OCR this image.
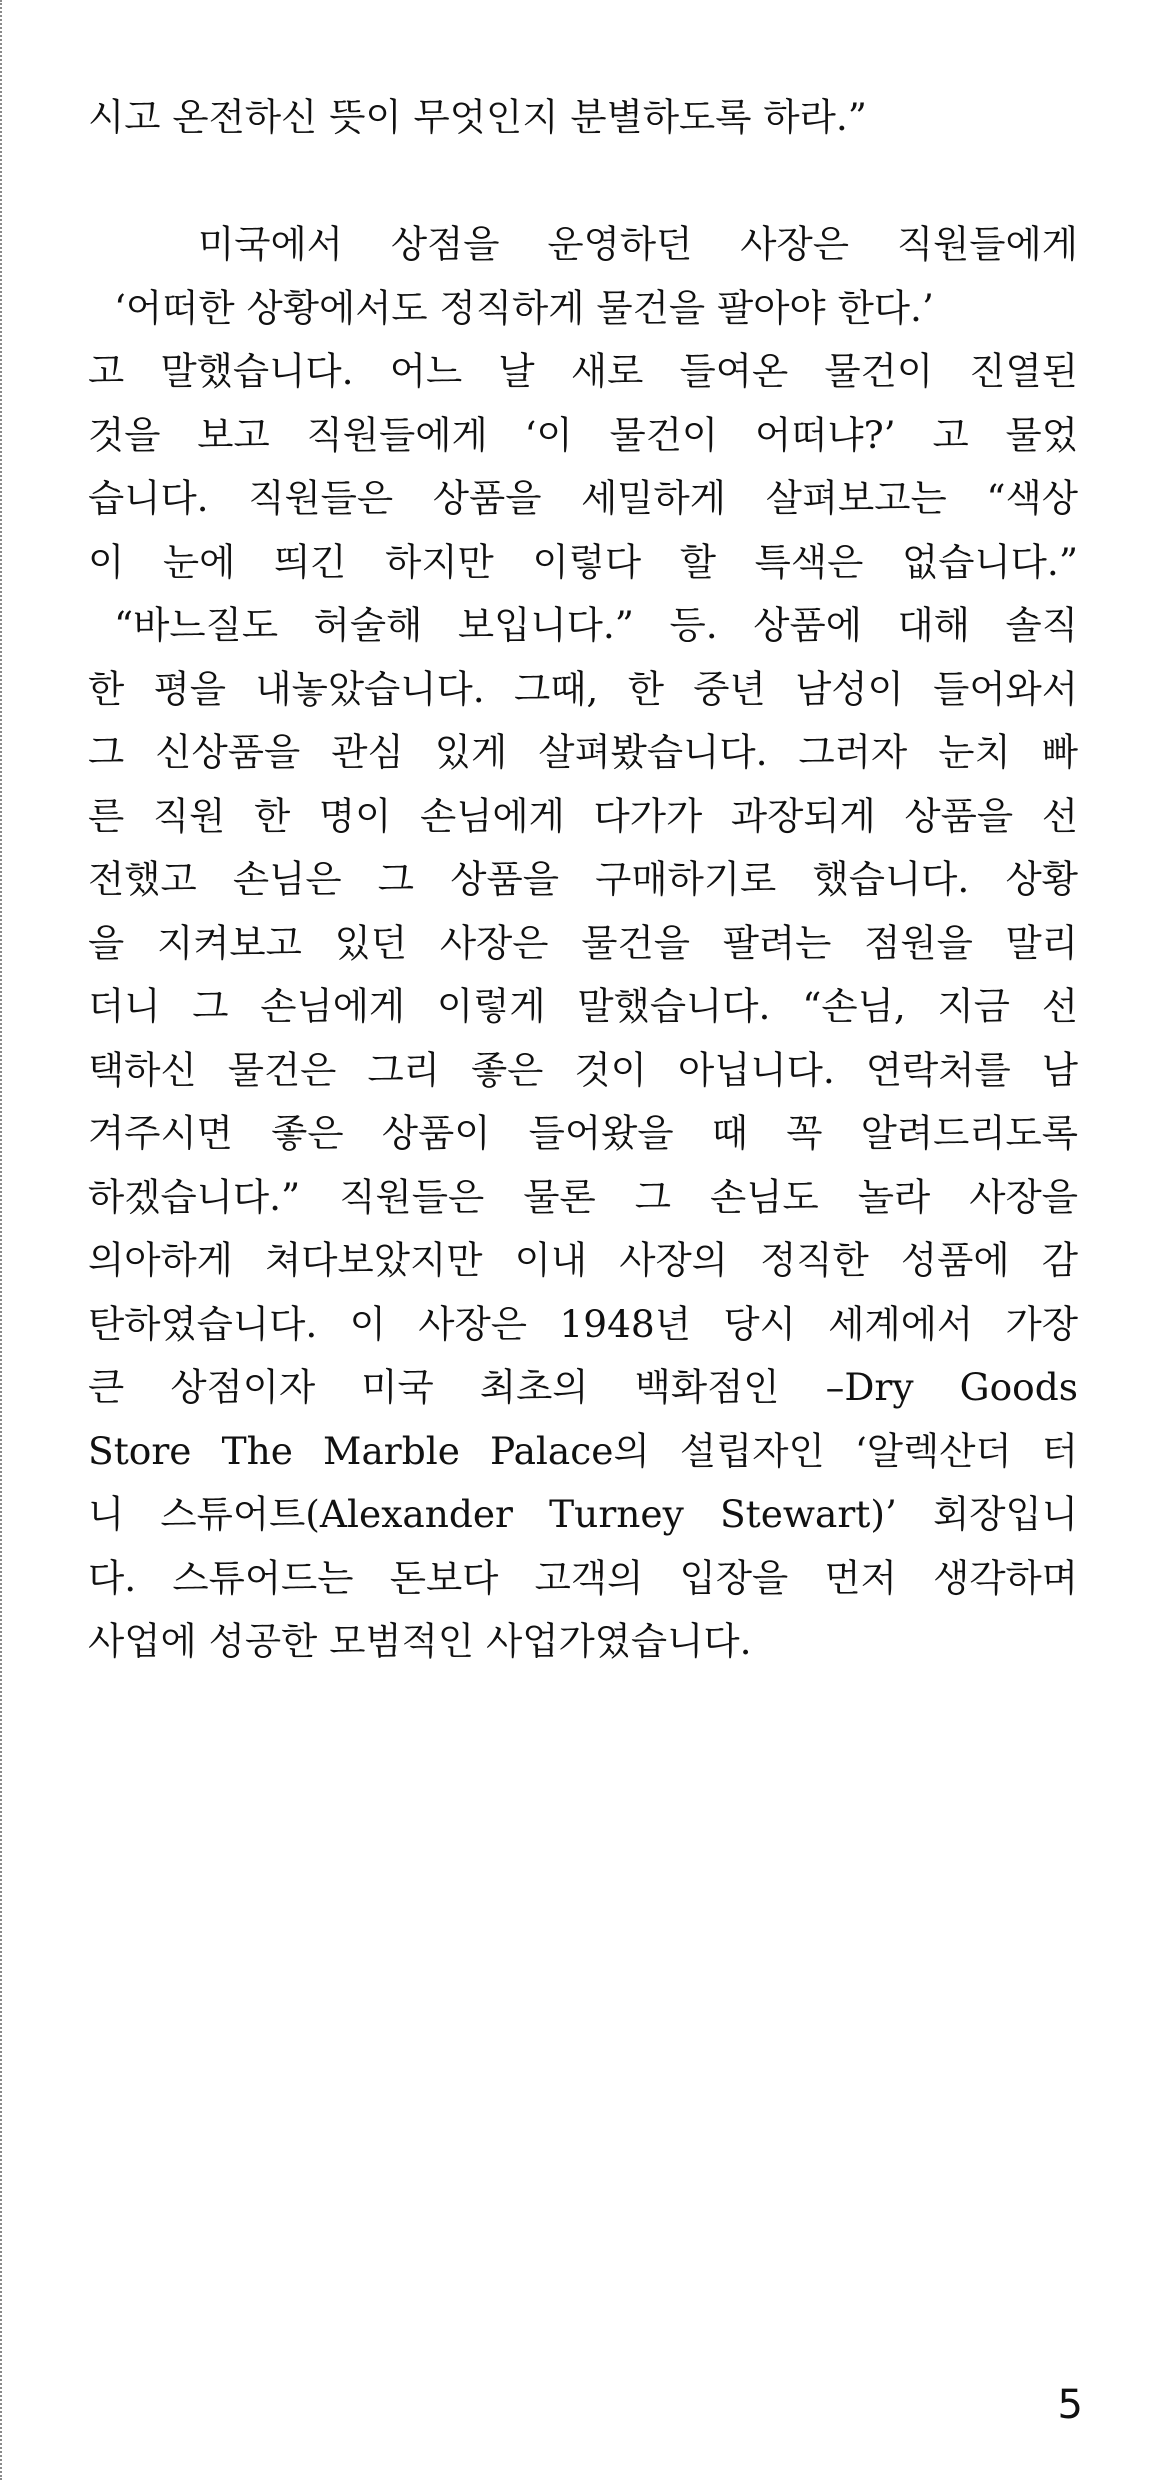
시고 온전하신 뜻이 무엇인지 분별하도록 하라.”
미국에서 상점을 운영하던 사장은 직원들에게
‘어떠한 상황에서도 정직하게 물건을 팔아야 한다.’
고 말했습니다. 어느 날 새로 들여온 물건이 진열된
것을 보고 직원들에게 ‘이 물건이 어떠냐?’ 고 물었
습니다. 직원들은 상품을 세밀하게 살펴보고는 “색상
이 눈에 띄긴 하지만 이렇다 할 특색은 없습니다.”
“바느질도 허술해 보입니다.” 등. 상품에 대해 솔직
한 평을 내놓았습니다. 그때, 한 중년 남성이 들어와서
그 신상품을 관심 있게 살펴봤습니다. 그러자 눈치 빠
른 직원 한 명이 손님에게 다가가 과장되게 상품을 선
전했고 손님은 그 상품을 구매하기로 했습니다. 상황
을 지켜보고 있던 사장은 물건을 팔려는 점원을 말리
더니 그 손님에게 이렇게 말했습니다. “손님, 지금 선
택하신 물건은 그리 좋은 것이 아닙니다. 연락처를 남
겨주시면 좋은 상품이 들어왔을 때 꼭 알려드리도록
하겠습니다.” 직원들은 물론 그 손님도 놀라 사장을
의아하게 쳐다보았지만 이내 사장의 정직한 성품에 감
탄하였습니다. 이 사장은 1948년 당시 세계에서 가장
큰 상점이자 미국 최초의 백화점인 –Dry Goods
Store The Marble Palace의 설립자인 ‘알렉산더 터
니 스튜어트(Alexander Turney Stewart)’ 회장입니
다. 스튜어드는 돈보다 고객의 입장을 먼저 생각하며
사업에 성공한 모범적인 사업가였습니다.
5
